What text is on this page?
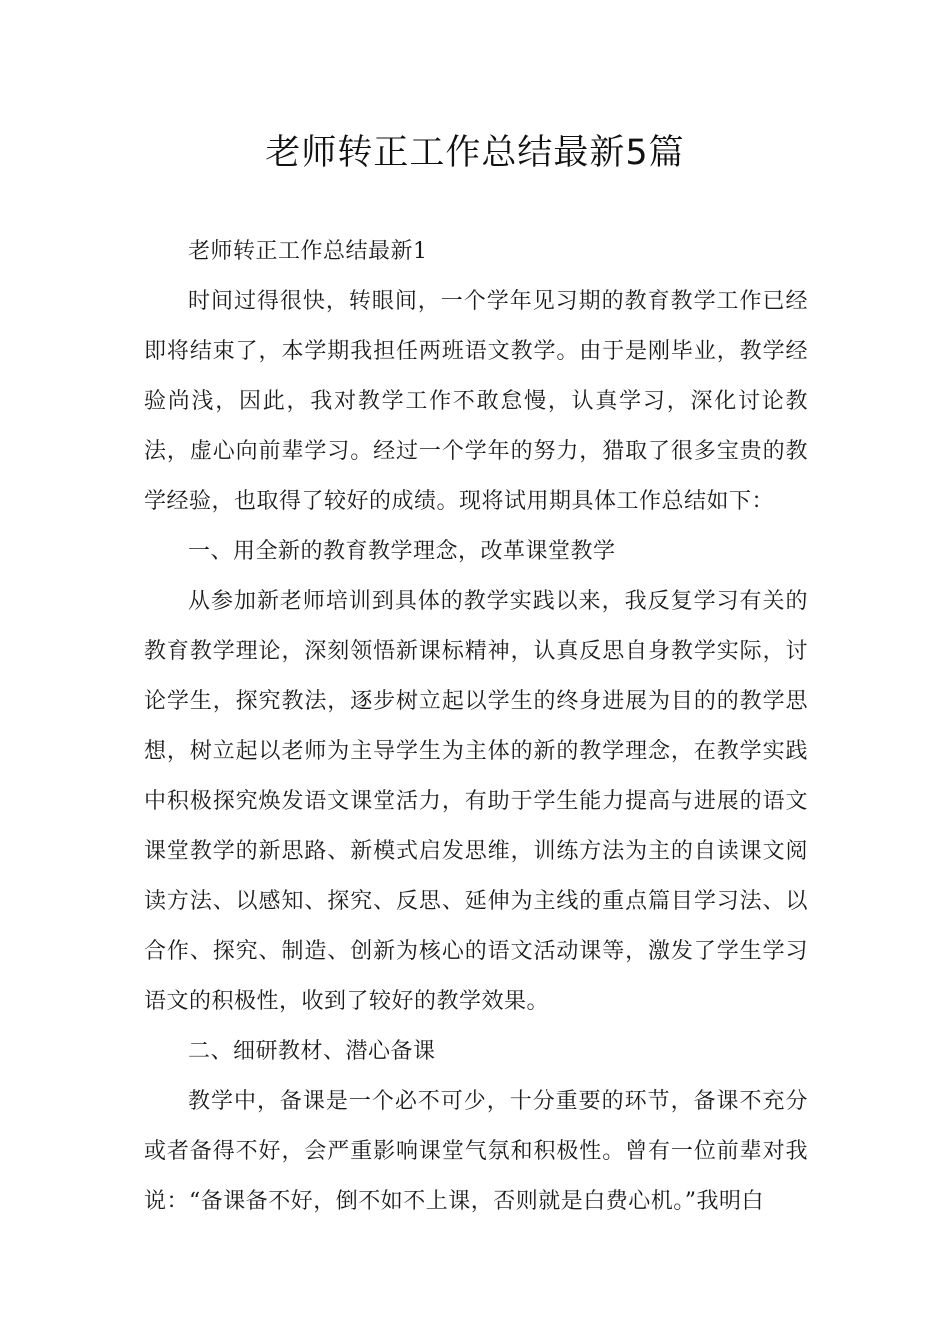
老师转正工作总结最新5篇

老师转正工作总结最新1

时间过得很快，转眼间，一个学年见习期的教育教学工作已经即将结束了，本学期我担任两班语文教学。由于是刚毕业，教学经验尚浅，因此，我对教学工作不敢怠慢，认真学习，深化讨论教法，虚心向前辈学习。经过一个学年的努力，猎取了很多宝贵的教学经验，也取得了较好的成绩。现将试用期具体工作总结如下：

一、用全新的教育教学理念，改革课堂教学

从参加新老师培训到具体的教学实践以来，我反复学习有关的教育教学理论，深刻领悟新课标精神，认真反思自身教学实际，讨论学生，探究教法，逐步树立起以学生的终身进展为目的的教学思想，树立起以老师为主导学生为主体的新的教学理念，在教学实践中积极探究焕发语文课堂活力，有助于学生能力提高与进展的语文课堂教学的新思路、新模式启发思维，训练方法为主的自读课文阅读方法、以感知、探究、反思、延伸为主线的重点篇目学习法、以合作、探究、制造、创新为核心的语文活动课等，激发了学生学习语文的积极性，收到了较好的教学效果。

二、细研教材、潜心备课

教学中，备课是一个必不可少，十分重要的环节，备课不充分或者备得不好，会严重影响课堂气氛和积极性。曾有一位前辈对我说：“备课备不好，倒不如不上课，否则就是白费心机。”我明白
